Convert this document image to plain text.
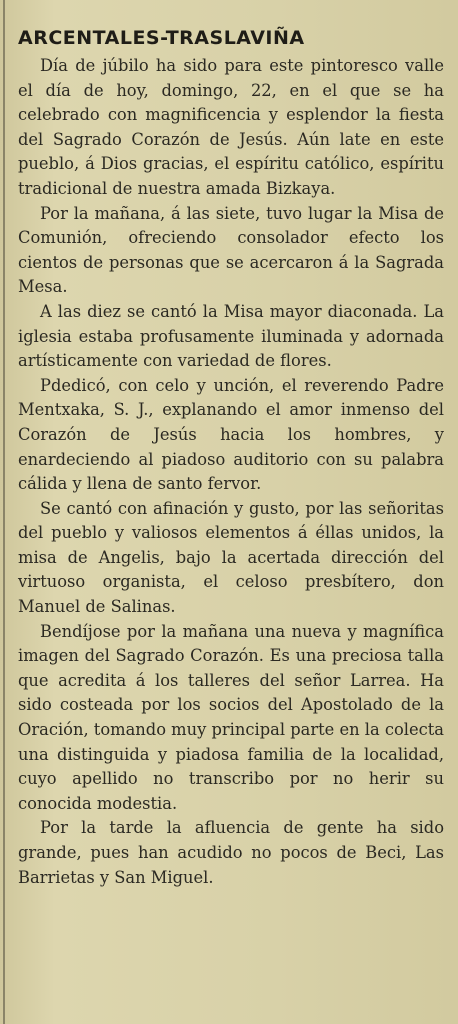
ARCENTALES-TRASLAVIÑA

Día de júbilo ha sido para este pintoresco valle el día de hoy, domingo, 22, en el que se ha celebrado con magnificencia y esplendor la fiesta del Sagrado Corazón de Jesús. Aún late en este pueblo, á Dios gracias, el espíritu católico, espíritu tradicional de nuestra amada Bizkaya.

Por la mañana, á las siete, tuvo lugar la Misa de Comunión, ofreciendo consolador efecto los cientos de personas que se acercaron á la Sagrada Mesa.

A las diez se cantó la Misa mayor diaconada. La iglesia estaba profusamente iluminada y adornada artísticamente con variedad de flores.

Pdedicó, con celo y unción, el reverendo Padre Mentxaka, S. J., explanando el amor inmenso del Corazón de Jesús hacia los hombres, y enardeciendo al piadoso auditorio con su palabra cálida y llena de santo fervor.

Se cantó con afinación y gusto, por las señoritas del pueblo y valiosos elementos á éllas unidos, la misa de Angelis, bajo la acertada dirección del virtuoso organista, el celoso presbítero, don Manuel de Salinas.

Bendíjose por la mañana una nueva y magnífica imagen del Sagrado Corazón. Es una preciosa talla que acredita á los talleres del señor Larrea. Ha sido costeada por los socios del Apostolado de la Oración, tomando muy principal parte en la colecta una distinguida y piadosa familia de la localidad, cuyo apellido no transcribo por no herir su conocida modestia.

Por la tarde la afluencia de gente ha sido grande, pues han acudido no pocos de Beci, Las Barrietas y San Miguel.
